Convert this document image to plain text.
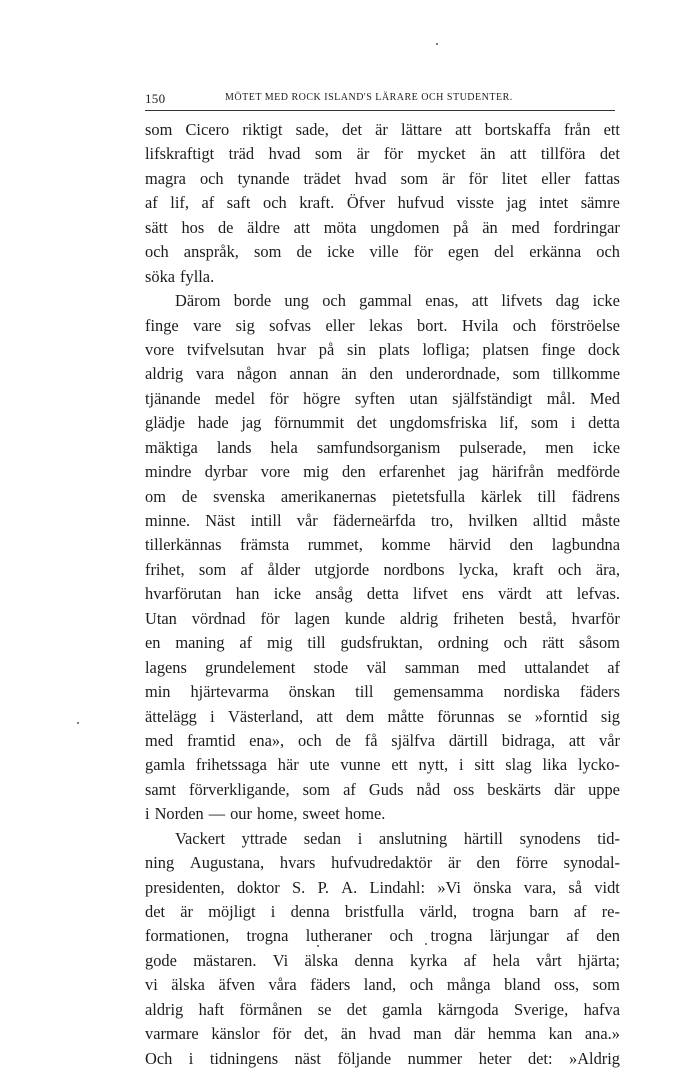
150	MÖTET MED ROCK ISLAND'S LÄRARE OCH STUDENTER.
som Cicero riktigt sade, det är lättare att bortskaffa från ett
lifskraftigt träd hvad som är för mycket än att tillföra det
magra och tynande trädet hvad som är för litet eller fattas
af lif, af saft och kraft. Öfver hufvud visste jag intet sämre
sätt hos de äldre att möta ungdomen på än med fordringar
och anspråk, som de icke ville för egen del erkänna och
söka fylla.
Därom borde ung och gammal enas, att lifvets dag icke
finge vare sig sofvas eller lekas bort. Hvila och förströelse
vore tvifvelsutan hvar på sin plats lofliga; platsen finge dock
aldrig vara någon annan än den underordnade, som tillkomme
tjänande medel för högre syften utan själfständigt mål. Med
glädje hade jag förnummit det ungdomsfriska lif, som i detta
mäktiga lands hela samfundsorganism pulserade, men icke
mindre dyrbar vore mig den erfarenhet jag härifrån medförde
om de svenska amerikanernas pietetsfulla kärlek till fädrens
minne. Näst intill vår fäderneärfda tro, hvilken alltid måste
tillerkännas främsta rummet, komme härvid den lagbundna
frihet, som af ålder utgjorde nordbons lycka, kraft och ära,
hvarförutan han icke ansåg detta lifvet ens värdt att lefvas.
Utan vördnad för lagen kunde aldrig friheten bestå, hvarför
en maning af mig till gudsfruktan, ordning och rätt såsom
lagens grundelement stode väl samman med uttalandet af
min hjärtevarma önskan till gemensamma nordiska fäders
ättelägg i Västerland, att dem måtte förunnas se »forntid sig
med framtid ena», och de få själfva därtill bidraga, att vår
gamla frihetssaga här ute vunne ett nytt, i sitt slag lika lycko-
samt förverkligande, som af Guds nåd oss beskärts där uppe
i Norden — our home, sweet home.
Vackert yttrade sedan i anslutning härtill synodens tid-
ning Augustana, hvars hufvudredaktör är den förre synodal-
presidenten, doktor S. P. A. Lindahl: »Vi önska vara, så vidt
det är möjligt i denna bristfulla värld, trogna barn af re-
formationen, trogna lutheraner och trogna lärjungar af den
gode mästaren. Vi älska denna kyrka af hela vårt hjärta;
vi älska äfven våra fäders land, och många bland oss, som
aldrig haft förmånen se det gamla kärngoda Sverige, hafva
varmare känslor för det, än hvad man där hemma kan ana.»
Och i tidningens näst följande nummer heter det: »Aldrig
